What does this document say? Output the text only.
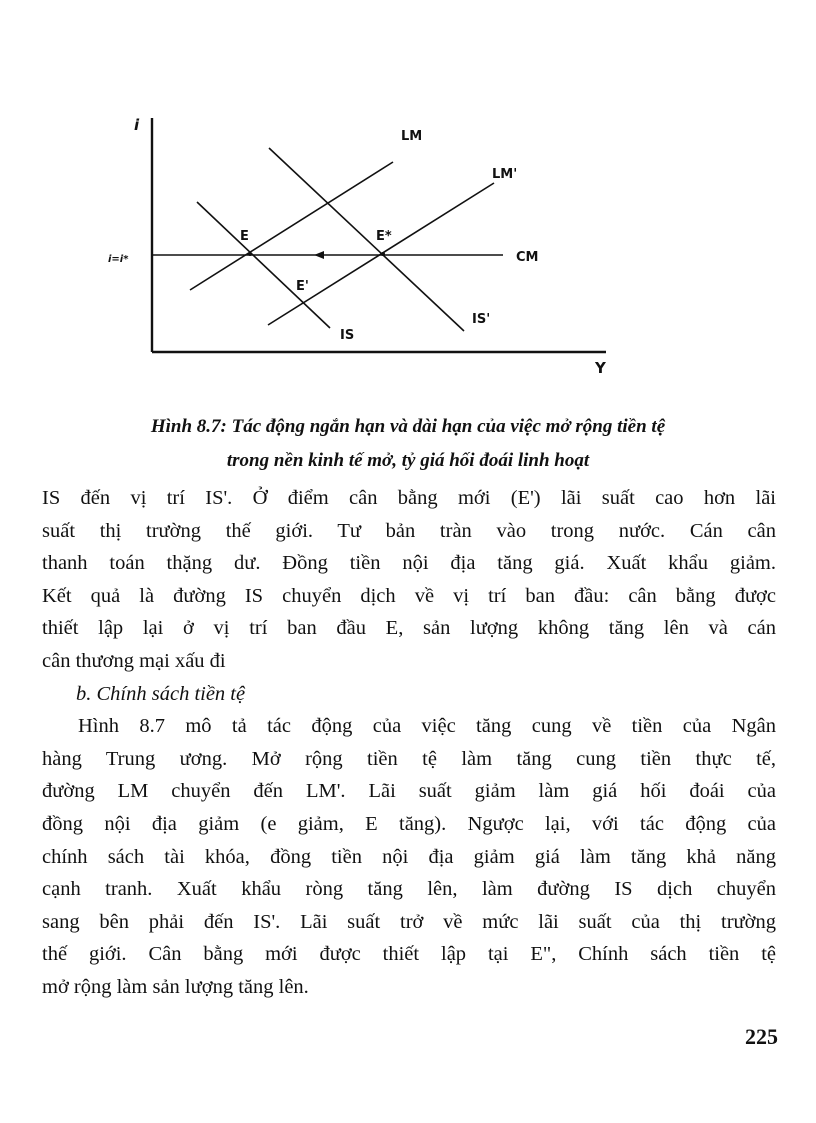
i
Y
i=i*
LM
LM'
CM
IS
IS'
E	E*
E'
Hình 8.7: Tác động ngắn hạn và dài hạn của việc mở rộng tiền tệ
trong nền kinh tế mở, tỷ giá hối đoái linh hoạt
IS đến vị trí IS'. Ở điểm cân bằng mới (E') lãi suất cao hơn lãi
suất thị trường thế giới. Tư bản tràn vào trong nước. Cán cân
thanh toán thặng dư. Đồng tiền nội địa tăng giá. Xuất khẩu giảm.
Kết quả là đường IS chuyển dịch về vị trí ban đầu: cân bằng được
thiết lập lại ở vị trí ban đầu E, sản lượng không tăng lên và cán
cân thương mại xấu đi
b. Chính sách tiền tệ
Hình 8.7 mô tả tác động của việc tăng cung về tiền của Ngân
hàng Trung ương. Mở rộng tiền tệ làm tăng cung tiền thực tế,
đường LM chuyển đến LM'. Lãi suất giảm làm giá hối đoái của
đồng nội địa giảm (e giảm, E tăng). Ngược lại, với tác động của
chính sách tài khóa, đồng tiền nội địa giảm giá làm tăng khả năng
cạnh tranh. Xuất khẩu ròng tăng lên, làm đường IS dịch chuyển
sang bên phải đến IS'. Lãi suất trở về mức lãi suất của thị trường
thế giới. Cân bằng mới được thiết lập tại E", Chính sách tiền tệ
mở rộng làm sản lượng tăng lên.
225
